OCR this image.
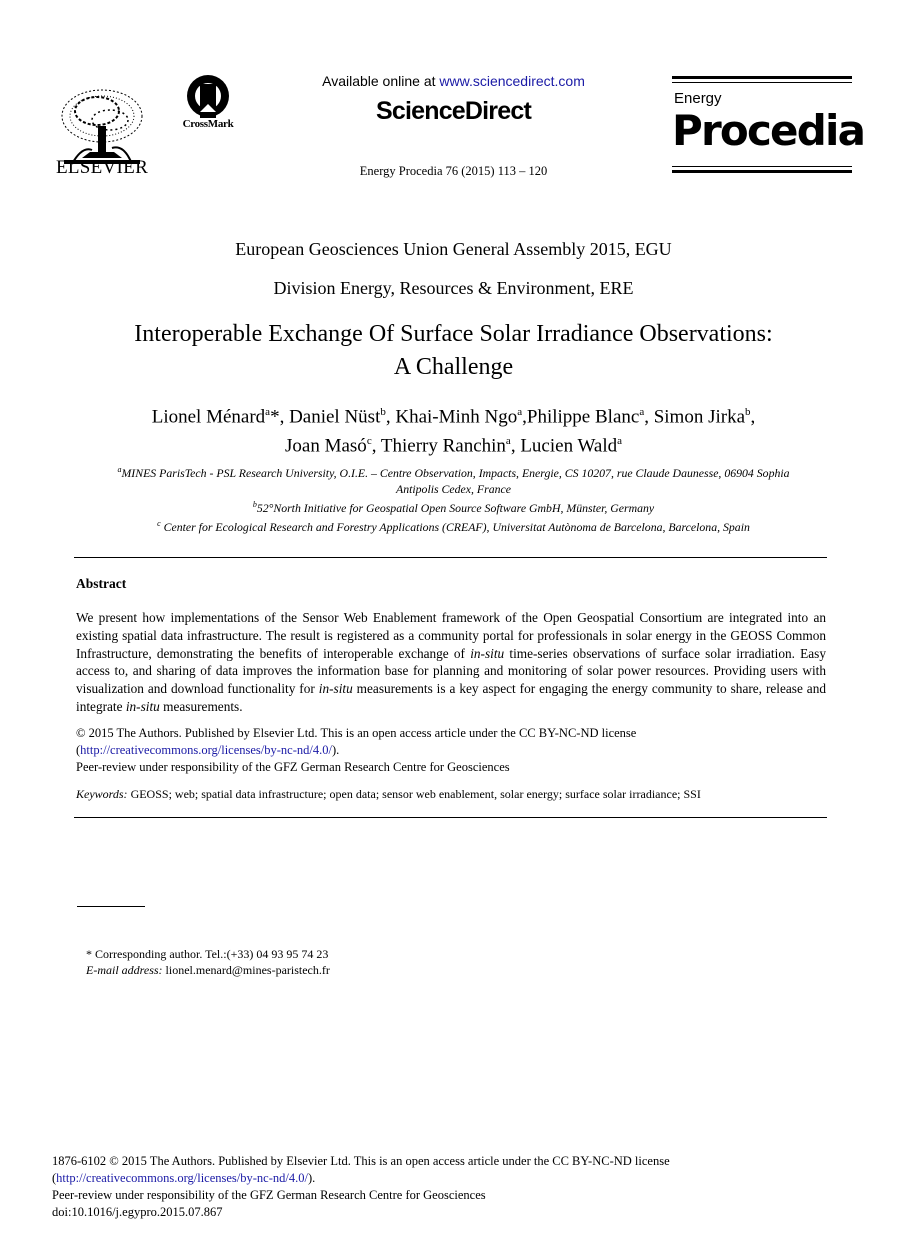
ELSEVIER
CrossMark
Available online at www.sciencedirect.com
ScienceDirect
Energy Procedia 76 (2015) 113 – 120
Energy
Procedia
European Geosciences Union General Assembly 2015, EGU
Division Energy, Resources & Environment, ERE
Interoperable Exchange Of Surface Solar Irradiance Observations:
A Challenge
Lionel Ménard$^a$*, Daniel Nüst$^b$, Khai-Minh Ngo$^a$,Philippe Blanc$^a$, Simon Jirka$^b$,
Joan Masó$^c$, Thierry Ranchin$^a$, Lucien Wald$^a$
$^a$MINES ParisTech - PSL Research University, O.I.E. – Centre Observation, Impacts, Energie, CS 10207, rue Claude Daunesse, 06904 Sophia
Antipolis Cedex, France
$^b$52°North Initiative for Geospatial Open Source Software GmbH, Münster, Germany
$^c$ Center for Ecological Research and Forestry Applications (CREAF), Universitat Autònoma de Barcelona, Barcelona, Spain
Abstract
We present how implementations of the Sensor Web Enablement framework of the Open Geospatial Consortium are integrated into an existing spatial data infrastructure. The result is registered as a community portal for professionals in solar energy in the GEOSS Common Infrastructure, demonstrating the benefits of interoperable exchange of in-situ time-series observations of surface solar irradiation. Easy access to, and sharing of data improves the information base for planning and monitoring of solar power resources. Providing users with visualization and download functionality for in-situ measurements is a key aspect for engaging the energy community to share, release and integrate in-situ measurements.
© 2015 The Authors. Published by Elsevier Ltd. This is an open access article under the CC BY-NC-ND license
(http://creativecommons.org/licenses/by-nc-nd/4.0/).
Peer-review under responsibility of the GFZ German Research Centre for Geosciences
Keywords: GEOSS; web; spatial data infrastructure; open data; sensor web enablement, solar energy; surface solar irradiance; SSI
* Corresponding author. Tel.:(+33) 04 93 95 74 23
E-mail address: lionel.menard@mines-paristech.fr
1876-6102 © 2015 The Authors. Published by Elsevier Ltd. This is an open access article under the CC BY-NC-ND license
(http://creativecommons.org/licenses/by-nc-nd/4.0/).
Peer-review under responsibility of the GFZ German Research Centre for Geosciences
doi:10.1016/j.egypro.2015.07.867
